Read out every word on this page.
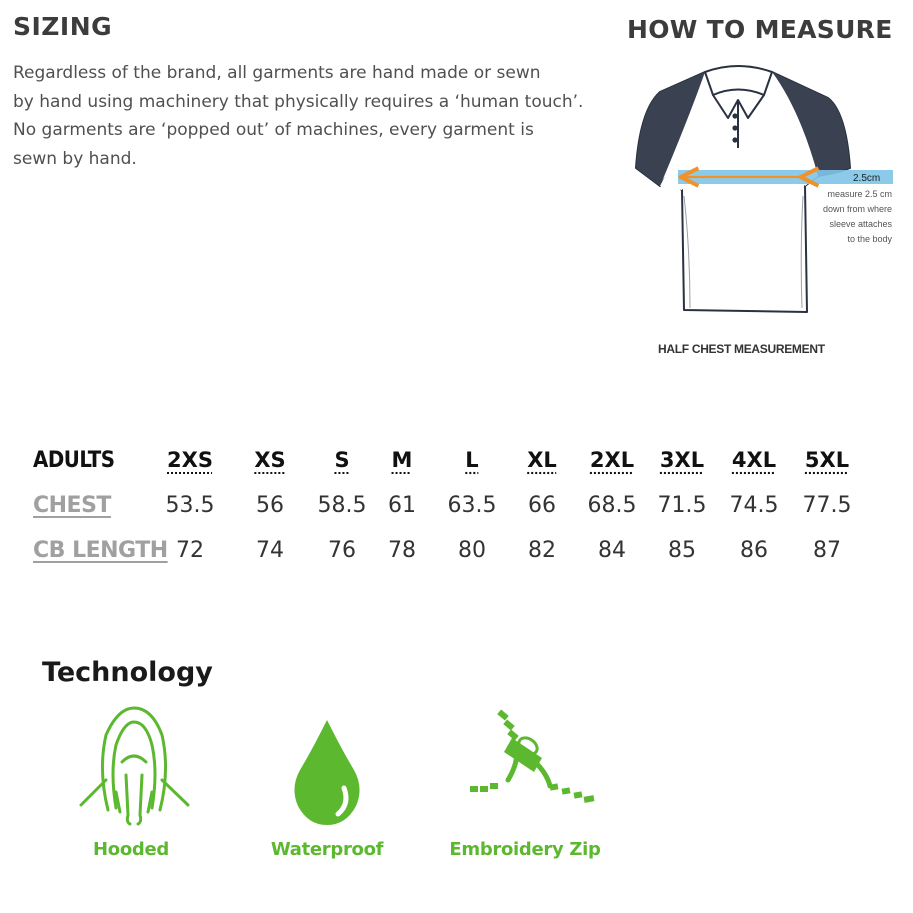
SIZING	HOW TO MEASURE
Regardless of the brand, all garments are hand made or sewn
by hand using machinery that physically requires a ‘human touch’.
No garments are ‘popped out’ of machines, every garment is
sewn by hand.
2.5cm
measure 2.5 cm
down from where
sleeve attaches
to the body
HALF CHEST MEASUREMENT
ADULTS 2XS XS S M	L XL 2XL 3XL 4XL 5XL
CHEST 53.5 56 58.5 61 63.5 66 68.5 71.5 74.5 77.5
CB LENGTH 72 74 76 78 80 82 84 85 86 87
Technology
Hooded	Waterproof	Embroidery Zip
